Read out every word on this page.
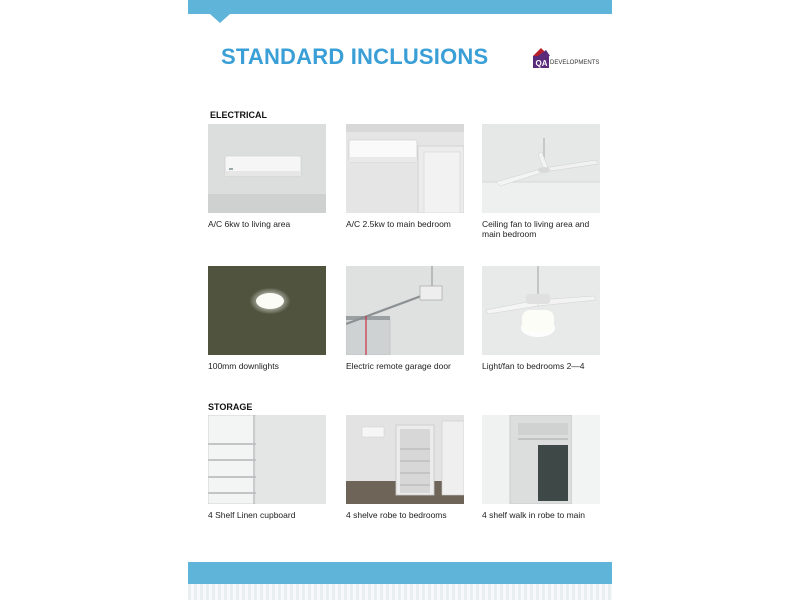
STANDARD INCLUSIONS	QA DEVELOPMENTS
ELECTRICAL
A/C 6kw to living area	A/C 2.5kw to main bedroom	Ceiling fan to living area and main bedroom
100mm downlights	Electric remote garage door	Light/fan to bedrooms 2—4
STORAGE
4 Shelf Linen cupboard	4 shelve robe to bedrooms	4 shelf walk in robe to main
